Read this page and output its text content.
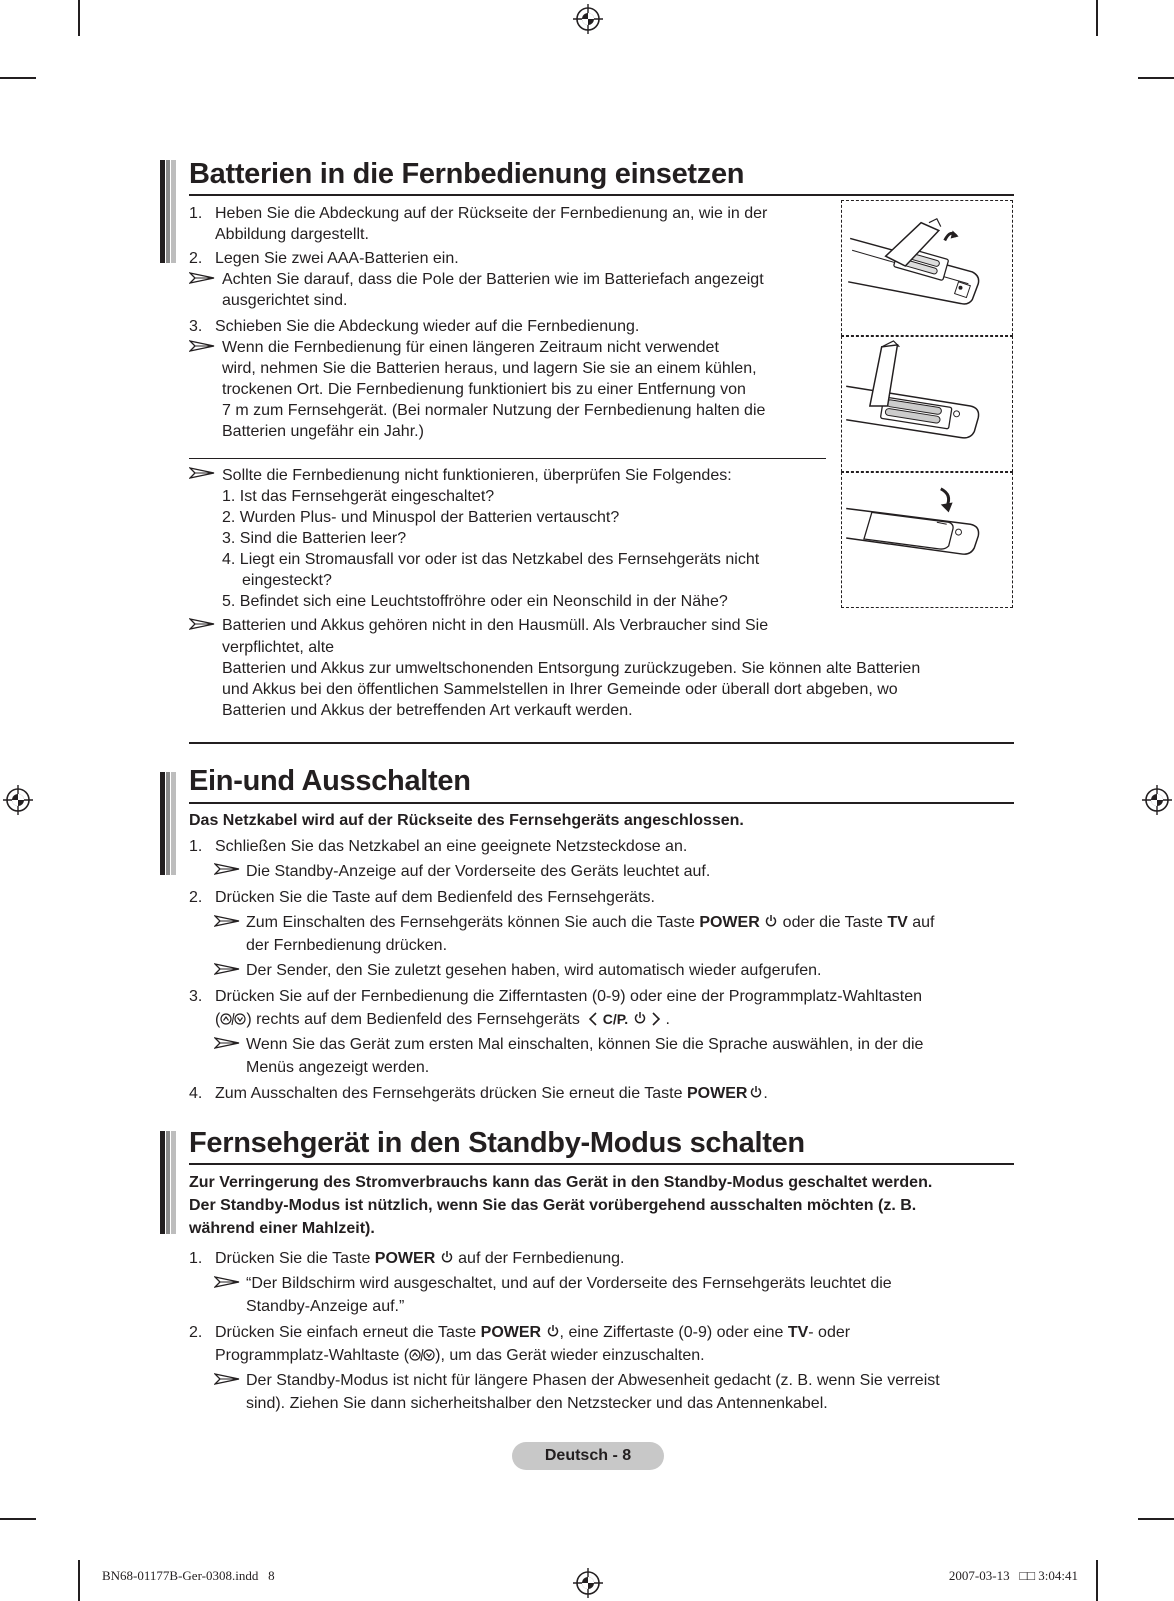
Batterien in die Fernbedienung einsetzen
1. Heben Sie die Abdeckung auf der Rückseite der Fernbedienung an, wie in der

Abbildung dargestellt.

2. Legen Sie zwei AAA-Batterien ein.

Achten Sie darauf, dass die Pole der Batterien wie im Batteriefach angezeigt

ausgerichtet sind.

3. Schieben Sie die Abdeckung wieder auf die Fernbedienung.

Wenn die Fernbedienung für einen längeren Zeitraum nicht verwendet

wird, nehmen Sie die Batterien heraus, und lagern Sie sie an einem kühlen,

trockenen Ort. Die Fernbedienung funktioniert bis zu einer Entfernung von

7 m zum Fernsehgerät. (Bei normaler Nutzung der Fernbedienung halten die

Batterien ungefähr ein Jahr.)

Sollte die Fernbedienung nicht funktionieren, überprüfen Sie Folgendes:

1. Ist das Fernsehgerät eingeschaltet?

2. Wurden Plus- und Minuspol der Batterien vertauscht?

3. Sind die Batterien leer?

4. Liegt ein Stromausfall vor oder ist das Netzkabel des Fernsehgeräts nicht

eingesteckt?

5. Befindet sich eine Leuchtstoffröhre oder ein Neonschild in der Nähe?

Batterien und Akkus gehören nicht in den Hausmüll. Als Verbraucher sind Sie

verpflichtet, alte

Batterien und Akkus zur umweltschonenden Entsorgung zurückzugeben. Sie können alte Batterien

und Akkus bei den öffentlichen Sammelstellen in Ihrer Gemeinde oder überall dort abgeben, wo

Batterien und Akkus der betreffenden Art verkauft werden.

Ein-und Ausschalten

Das Netzkabel wird auf der Rückseite des Fernsehgeräts angeschlossen.

1. Schließen Sie das Netzkabel an eine geeignete Netzsteckdose an.

Die Standby-Anzeige auf der Vorderseite des Geräts leuchtet auf.

2. Drücken Sie die Taste auf dem Bedienfeld des Fernsehgeräts.

Zum Einschalten des Fernsehgeräts können Sie auch die Taste POWER  oder die Taste TV auf

der Fernbedienung drücken.

Der Sender, den Sie zuletzt gesehen haben, wird automatisch wieder aufgerufen.

3. Drücken Sie auf der Fernbedienung die Zifferntasten (0-9) oder eine der Programmplatz-Wahltasten

( ) rechts auf dem Bedienfeld des Fernsehgeräts C/P. .

Wenn Sie das Gerät zum ersten Mal einschalten, können Sie die Sprache auswählen, in der die

Menüs angezeigt werden.

4. Zum Ausschalten des Fernsehgeräts drücken Sie erneut die Taste POWER .

Fernsehgerät in den Standby-Modus schalten

Zur Verringerung des Stromverbrauchs kann das Gerät in den Standby-Modus geschaltet werden.

Der Standby-Modus ist nützlich, wenn Sie das Gerät vorübergehend ausschalten möchten (z. B.

während einer Mahlzeit).

1. Drücken Sie die Taste POWER  auf der Fernbedienung.

“Der Bildschirm wird ausgeschaltet, und auf der Vorderseite des Fernsehgeräts leuchtet die

Standby-Anzeige auf.”

2. Drücken Sie einfach erneut die Taste POWER , eine Ziffertaste (0-9) oder eine TV- oder

Programmplatz-Wahltaste ( ), um das Gerät wieder einzuschalten.

Der Standby-Modus ist nicht für längere Phasen der Abwesenheit gedacht (z. B. wenn Sie verreist

sind). Ziehen Sie dann sicherheitshalber den Netzstecker und das Antennenkabel.

Deutsch - 8
BN68-01177B-Ger-0308.indd   8	2007-03-13   □□ 3:04:41
